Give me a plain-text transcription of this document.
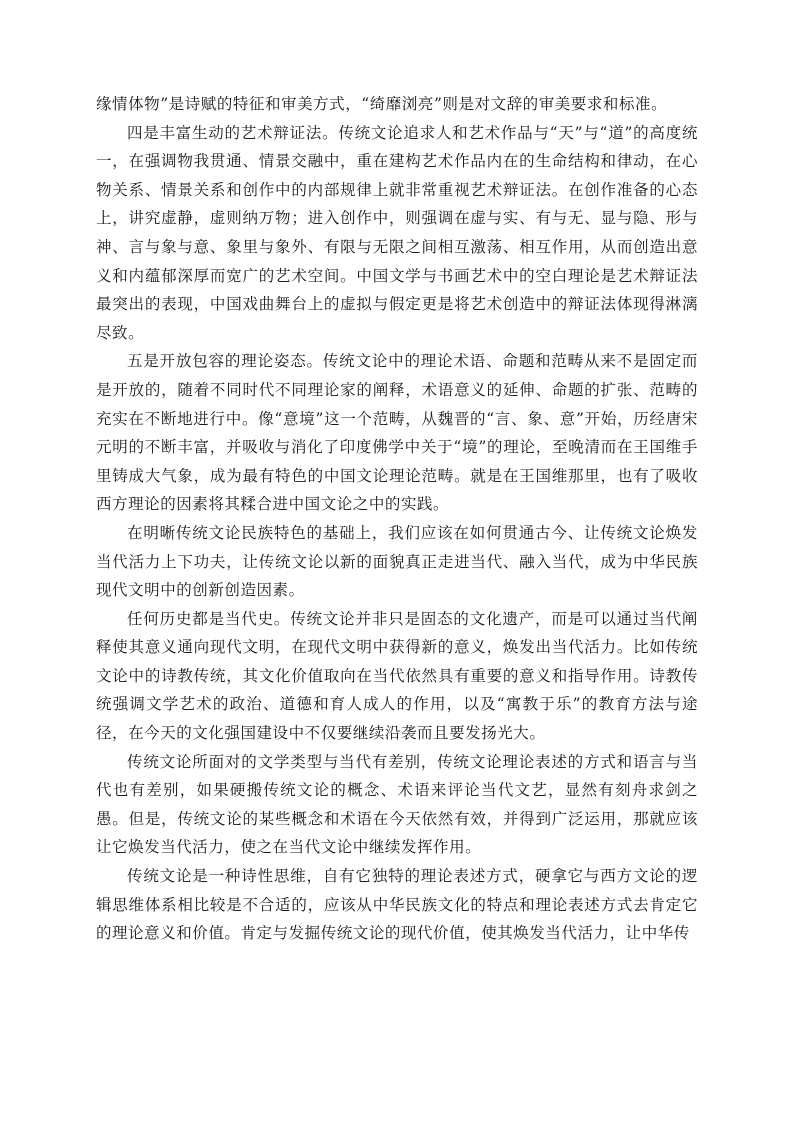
缘情体物”是诗赋的特征和审美方式，“绮靡浏亮”则是对文辞的审美要求和标准。

四是丰富生动的艺术辩证法。传统文论追求人和艺术作品与“天”与“道”的高度统一，在强调物我贯通、情景交融中，重在建构艺术作品内在的生命结构和律动，在心物关系、情景关系和创作中的内部规律上就非常重视艺术辩证法。在创作准备的心态上，讲究虚静，虚则纳万物；进入创作中，则强调在虚与实、有与无、显与隐、形与神、言与象与意、象里与象外、有限与无限之间相互激荡、相互作用，从而创造出意义和内蕴郁深厚而宽广的艺术空间。中国文学与书画艺术中的空白理论是艺术辩证法最突出的表现，中国戏曲舞台上的虚拟与假定更是将艺术创造中的辩证法体现得淋漓尽致。

五是开放包容的理论姿态。传统文论中的理论术语、命题和范畴从来不是固定而是开放的，随着不同时代不同理论家的阐释，术语意义的延伸、命题的扩张、范畴的充实在不断地进行中。像“意境”这一个范畴，从魏晋的“言、象、意”开始，历经唐宋元明的不断丰富，并吸收与消化了印度佛学中关于“境”的理论，至晚清而在王国维手里铸成大气象，成为最有特色的中国文论理论范畴。就是在王国维那里，也有了吸收西方理论的因素将其糅合进中国文论之中的实践。

在明晰传统文论民族特色的基础上，我们应该在如何贯通古今、让传统文论焕发当代活力上下功夫，让传统文论以新的面貌真正走进当代、融入当代，成为中华民族现代文明中的创新创造因素。

任何历史都是当代史。传统文论并非只是固态的文化遗产，而是可以通过当代阐释使其意义通向现代文明，在现代文明中获得新的意义，焕发出当代活力。比如传统文论中的诗教传统，其文化价值取向在当代依然具有重要的意义和指导作用。诗教传统强调文学艺术的政治、道德和育人成人的作用，以及“寓教于乐”的教育方法与途径，在今天的文化强国建设中不仅要继续沿袭而且要发扬光大。

传统文论所面对的文学类型与当代有差别，传统文论理论表述的方式和语言与当代也有差别，如果硬搬传统文论的概念、术语来评论当代文艺，显然有刻舟求剑之愚。但是，传统文论的某些概念和术语在今天依然有效，并得到广泛运用，那就应该让它焕发当代活力，使之在当代文论中继续发挥作用。

传统文论是一种诗性思维，自有它独特的理论表述方式，硬拿它与西方文论的逻辑思维体系相比较是不合适的，应该从中华民族文化的特点和理论表述方式去肯定它的理论意义和价值。肯定与发掘传统文论的现代价值，使其焕发当代活力，让中华传
